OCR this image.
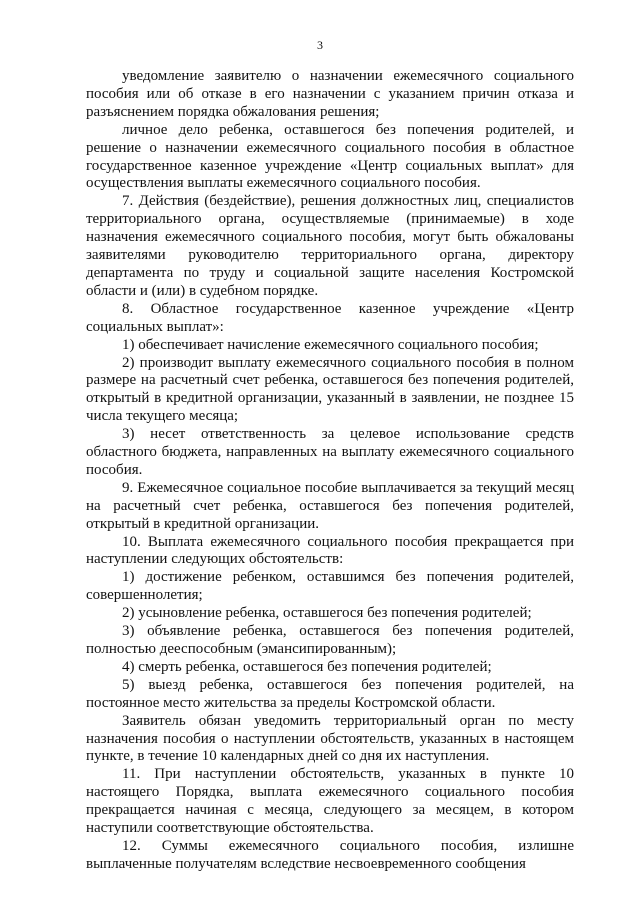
3

уведомление заявителю о назначении ежемесячного социального пособия или об отказе в его назначении с указанием причин отказа и разъяснением порядка обжалования решения;

личное дело ребенка, оставшегося без попечения родителей, и решение о назначении ежемесячного социального пособия в областное государственное казенное учреждение «Центр социальных выплат» для осуществления выплаты ежемесячного социального пособия.

7. Действия (бездействие), решения должностных лиц, специалистов территориального органа, осуществляемые (принимаемые) в ходе назначения ежемесячного социального пособия, могут быть обжалованы заявителями руководителю территориального органа, директору департамента по труду и социальной защите населения Костромской области и (или) в судебном порядке.

8. Областное государственное казенное учреждение «Центр социальных выплат»:

1) обеспечивает начисление ежемесячного социального пособия;

2) производит выплату ежемесячного социального пособия в полном размере на расчетный счет ребенка, оставшегося без попечения родителей, открытый в кредитной организации, указанный в заявлении, не позднее 15 числа текущего месяца;

3) несет ответственность за целевое использование средств областного бюджета, направленных на выплату ежемесячного социального пособия.

9. Ежемесячное социальное пособие выплачивается за текущий месяц на расчетный счет ребенка, оставшегося без попечения родителей, открытый в кредитной организации.

10. Выплата ежемесячного социального пособия прекращается при наступлении следующих обстоятельств:

1) достижение ребенком, оставшимся без попечения родителей, совершеннолетия;

2) усыновление ребенка, оставшегося без попечения родителей;

3) объявление ребенка, оставшегося без попечения родителей, полностью дееспособным (эмансипированным);

4) смерть ребенка, оставшегося без попечения родителей;

5) выезд ребенка, оставшегося без попечения родителей, на постоянное место жительства за пределы Костромской области.

Заявитель обязан уведомить территориальный орган по месту назначения пособия о наступлении обстоятельств, указанных в настоящем пункте, в течение 10 календарных дней со дня их наступления.

11. При наступлении обстоятельств, указанных в пункте 10 настоящего Порядка, выплата ежемесячного социального пособия прекращается начиная с месяца, следующего за месяцем, в котором наступили соответствующие обстоятельства.

12. Суммы ежемесячного социального пособия, излишне выплаченные получателям вследствие несвоевременного сообщения
